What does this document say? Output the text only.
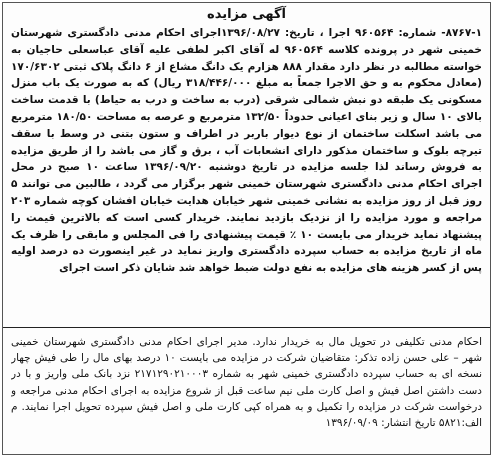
آگهی مزایده
۸۷۶۷-۱- شماره: ۹۶۰۵۶۴ اجرا ، تاریخ: ۱۳۹۶/۰۸/۲۷اجرای احکام مدنی دادگستری شهرستان خمینی شهر در پرونده کلاسه ۹۶۰۵۶۴ له آقای اکبر لطفی علیه آقای عباسعلی حاجیان به خواسته مطالبه در نظر دارد مقدار ۸۸۸ هزارم یک دانگ مشاع از ۶ دانگ پلاک ثبتی ۱۷۰/۶۳۰۲ (معادل محکوم به و حق الاجرا جمعاً به مبلغ ۳۱۸/۴۴۶/۰۰۰ ریال) که به صورت یک باب منزل مسکونی یک طبقه دو نبش شمالی شرقی (درب به ساخت و درب به حیاط) با قدمت ساخت بالای ۱۰ سال و زیر بنای اعیانی حدوداً ۱۳۲/۵۰ مترمربع و عرصه به مساحت ۱۸۰/۵۰ مترمربع می باشد اسکلت ساختمان از نوع دیوار باربر در اطراف و ستون بتنی در وسط با سقف تیرچه بلوک و ساختمان مذکور دارای انشعابات آب ، برق و گاز می باشد را از طریق مزایده به فروش رساند لذا جلسه مزایده در تاریخ دوشنبه ۱۳۹۶/۰۹/۲۰ ساعت ۱۰ صبح در محل اجرای احکام مدنی دادگستری شهرستان خمینی شهر برگزار می گردد ، طالبین می توانند ۵ روز قبل از روز مزایده به نشانی خمینی شهر خیابان هدایت خیابان افشان کوچه شماره ۲۰۳ مراجعه و مورد مزایده را از نزدیک بازدید نمایند. خریدار کسی است که بالاترین قیمت را پیشنهاد نماید خریدار می بایست ۱۰ ٪ قیمت پیشنهادی را فی المجلس و مابقی را ظرف یک ماه از تاریخ مزایده به حساب سپرده دادگستری واریز نماید در غیر اینصورت ده درصد اولیه پس از کسر هزینه های مزایده به نفع دولت ضبط خواهد شد شایان ذکر است اجرای
احکام مدنی تکلیفی در تحویل مال به خریدار ندارد. مدیر اجرای احکام مدنی دادگستری شهرستان خمینی شهر – علی حسن زاده تذکر: متقاضیان شرکت در مزایده می بایست ۱۰ درصد بهای مال را طی فیش چهار نسخه ای به حساب سپرده دادگستری خمینی شهر به شماره ۲۱۷۱۲۹۰۲۱۰۰۰۳ نزد بانک ملی واریز و با در دست داشتن اصل فیش و اصل کارت ملی نیم ساعت قبل از شروع مزایده به اجرای احکام مدنی مراجعه و درخواست شرکت در مزایده را تکمیل و به همراه کپی کارت ملی و اصل فیش سپرده تحویل اجرا نمایند. م الف:۵۸۲۱ تاریخ انتشار: ۱۳۹۶/۰۹/۰۹
